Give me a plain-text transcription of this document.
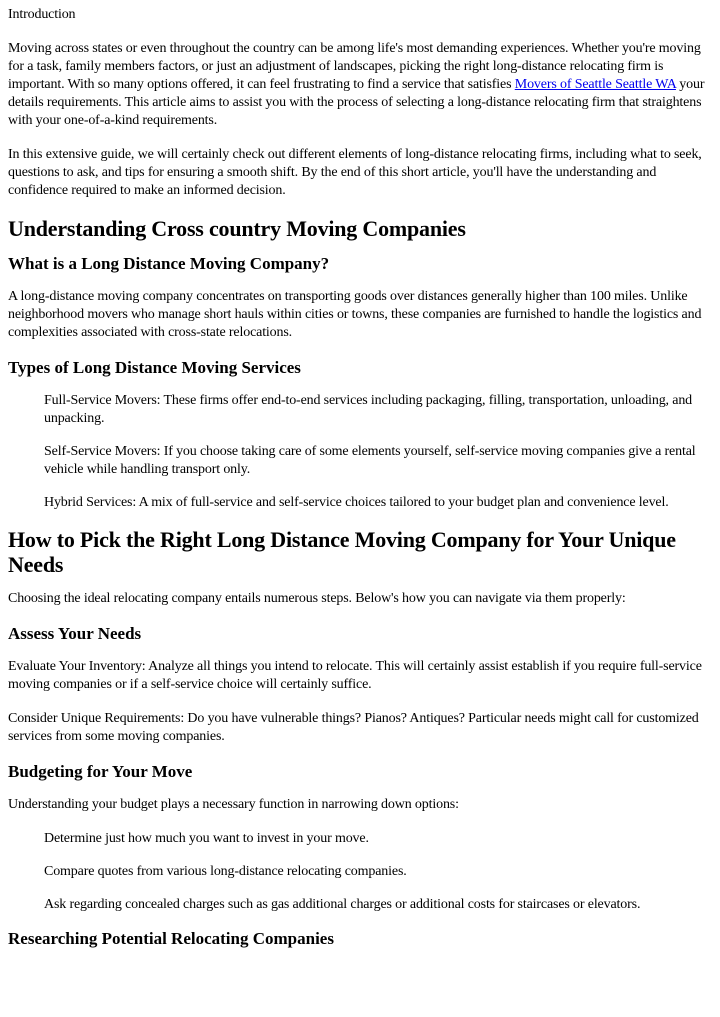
Introduction

Moving across states or even throughout the country can be among life's most demanding experiences. Whether you're moving for a task, family members factors, or just an adjustment of landscapes, picking the right long-distance relocating firm is important. With so many options offered, it can feel frustrating to find a service that satisfies Movers of Seattle Seattle WA your details requirements. This article aims to assist you with the process of selecting a long-distance relocating firm that straightens with your one-of-a-kind requirements.

In this extensive guide, we will certainly check out different elements of long-distance relocating firms, including what to seek, questions to ask, and tips for ensuring a smooth shift. By the end of this short article, you'll have the understanding and confidence required to make an informed decision.

Understanding Cross country Moving Companies
What is a Long Distance Moving Company?

A long-distance moving company concentrates on transporting goods over distances generally higher than 100 miles. Unlike neighborhood movers who manage short hauls within cities or towns, these companies are furnished to handle the logistics and complexities associated with cross-state relocations.

Types of Long Distance Moving Services
Full-Service Movers: These firms offer end-to-end services including packaging, filling, transportation, unloading, and unpacking.
Self-Service Movers: If you choose taking care of some elements yourself, self-service moving companies give a rental vehicle while handling transport only.
Hybrid Services: A mix of full-service and self-service choices tailored to your budget plan and convenience level.
How to Pick the Right Long Distance Moving Company for Your Unique Needs

Choosing the ideal relocating company entails numerous steps. Below's how you can navigate via them properly:

Assess Your Needs

Evaluate Your Inventory: Analyze all things you intend to relocate. This will certainly assist establish if you require full-service moving companies or if a self-service choice will certainly suffice.

Consider Unique Requirements: Do you have vulnerable things? Pianos? Antiques? Particular needs might call for customized services from some moving companies.

Budgeting for Your Move

Understanding your budget plays a necessary function in narrowing down options:

Determine just how much you want to invest in your move.
Compare quotes from various long-distance relocating companies.
Ask regarding concealed charges such as gas additional charges or additional costs for staircases or elevators.
Researching Potential Relocating Companies
